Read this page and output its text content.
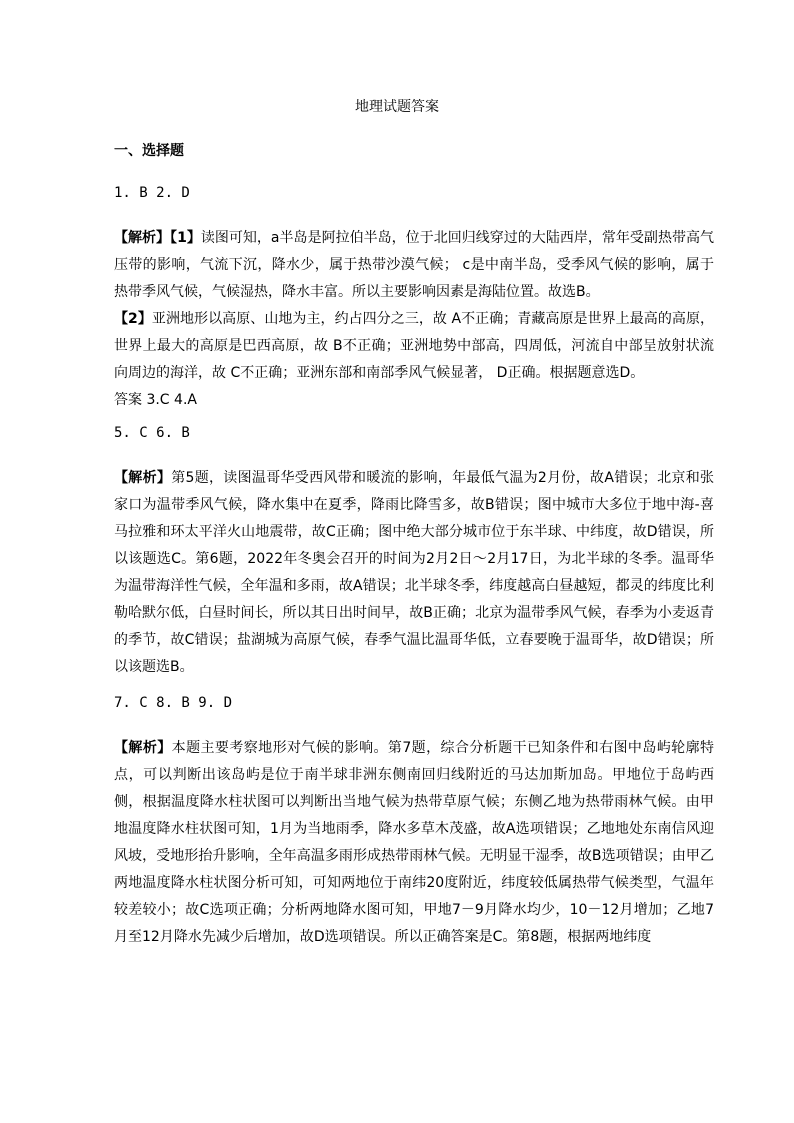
地理试题答案

一、选择题

1. B 2. D

【解析】【1】读图可知，a半岛是阿拉伯半岛，位于北回归线穿过的大陆西岸，常年受副热带高气压带的影响，气流下沉，降水少，属于热带沙漠气候； c是中南半岛，受季风气候的影响，属于热带季风气候，气候湿热，降水丰富。所以主要影响因素是海陆位置。故选B。

【2】亚洲地形以高原、山地为主，约占四分之三，故 A不正确；青藏高原是世界上最高的高原，世界上最大的高原是巴西高原，故 B不正确；亚洲地势中部高，四周低，河流自中部呈放射状流向周边的海洋，故 C不正确；亚洲东部和南部季风气候显著， D正确。根据题意选D。

答案 3.C 4.A

5. C 6. B

【解析】第5题，读图温哥华受西风带和暖流的影响，年最低气温为2月份，故A错误；北京和张家口为温带季风气候，降水集中在夏季，降雨比降雪多，故B错误；图中城市大多位于地中海-喜马拉雅和环太平洋火山地震带，故C正确；图中绝大部分城市位于东半球、中纬度，故D错误，所以该题选C。第6题，2022年冬奥会召开的时间为2月2日～2月17日，为北半球的冬季。温哥华为温带海洋性气候，全年温和多雨，故A错误；北半球冬季，纬度越高白昼越短，都灵的纬度比利勒哈默尔低，白昼时间长，所以其日出时间早，故B正确；北京为温带季风气候，春季为小麦返青的季节，故C错误；盐湖城为高原气候，春季气温比温哥华低，立春要晚于温哥华，故D错误；所以该题选B。

7. C 8. B 9. D

【解析】本题主要考察地形对气候的影响。第7题，综合分析题干已知条件和右图中岛屿轮廓特点，可以判断出该岛屿是位于南半球非洲东侧南回归线附近的马达加斯加岛。甲地位于岛屿西侧，根据温度降水柱状图可以判断出当地气候为热带草原气候；东侧乙地为热带雨林气候。由甲地温度降水柱状图可知，1月为当地雨季，降水多草木茂盛，故A选项错误；乙地地处东南信风迎风坡，受地形抬升影响，全年高温多雨形成热带雨林气候。无明显干湿季，故B选项错误；由甲乙两地温度降水柱状图分析可知，可知两地位于南纬20度附近，纬度较低属热带气候类型，气温年较差较小；故C选项正确；分析两地降水图可知，甲地7－9月降水均少，10－12月增加；乙地7月至12月降水先减少后增加，故D选项错误。所以正确答案是C。第8题，根据两地纬度
